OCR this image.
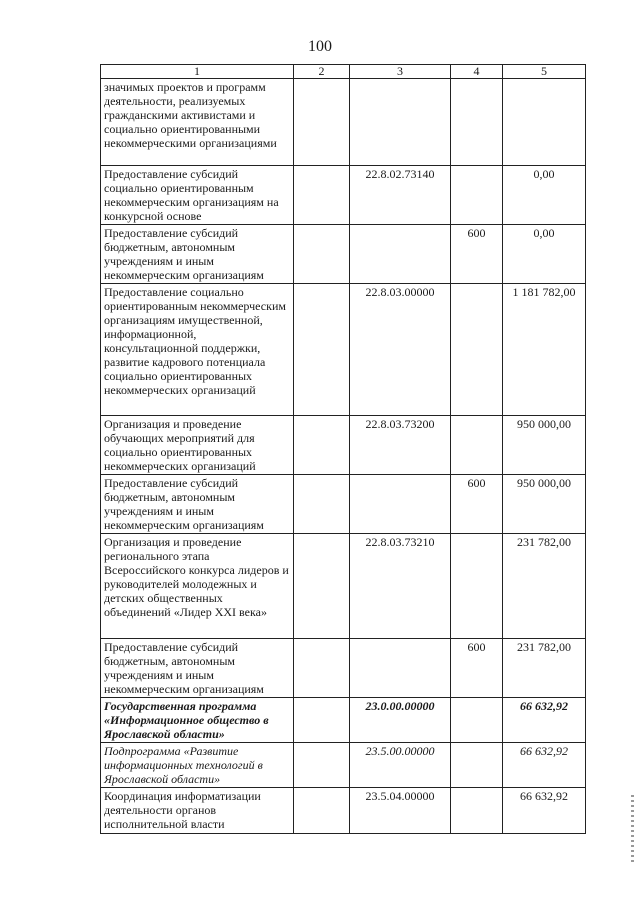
100
1	2	3	4	5
значимых проектов и программ деятельности, реализуемых гражданскими активистами и социально ориентированными некоммерческими организациями				
Предоставление субсидий социально ориентированным некоммерческим организациям на конкурсной основе		22.8.02.73140		0,00
Предоставление субсидий бюджетным, автономным учреждениям и иным некоммерческим организациям			600	0,00
Предоставление социально ориентированным некоммерческим организациям имущественной, информационной, консультационной поддержки, развитие кадрового потенциала социально ориентированных некоммерческих организаций		22.8.03.00000		1 181 782,00
Организация и проведение обучающих мероприятий для социально ориентированных некоммерческих организаций		22.8.03.73200		950 000,00
Предоставление субсидий бюджетным, автономным учреждениям и иным некоммерческим организациям			600	950 000,00
Организация и проведение регионального этапа Всероссийского конкурса лидеров и руководителей молодежных и детских общественных объединений «Лидер XXI века»		22.8.03.73210		231 782,00
Предоставление субсидий бюджетным, автономным учреждениям и иным некоммерческим организациям			600	231 782,00
Государственная программа «Информационное общество в Ярославской области»		23.0.00.00000		66 632,92
Подпрограмма «Развитие информационных технологий в Ярославской области»		23.5.00.00000		66 632,92
Координация информатизации деятельности органов исполнительной власти		23.5.04.00000		66 632,92
